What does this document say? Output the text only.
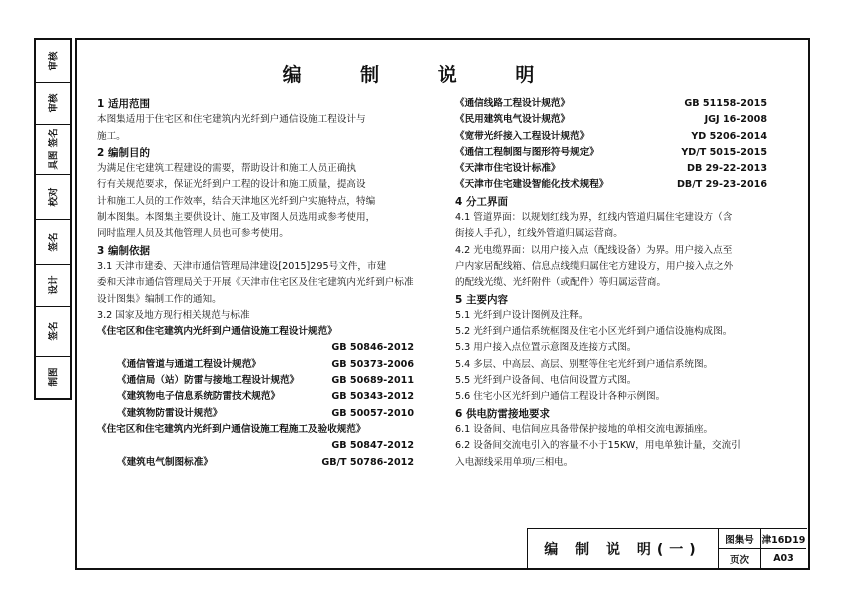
审核
审核
具图 签名
校对
签名
设计
签名
制图
编 制 说 明

1 适用范围

本图集适用于住宅区和住宅建筑内光纤到户通信设施工程设计与

施工。

2 编制目的

为满足住宅建筑工程建设的需要，帮助设计和施工人员正确执

行有关规范要求，保证光纤到户工程的设计和施工质量，提高设

计和施工人员的工作效率，结合天津地区光纤到户实施特点，特编

制本图集。本图集主要供设计、施工及审图人员选用或参考使用，

同时监理人员及其他管理人员也可参考使用。

3 编制依据

3.1 天津市建委、天津市通信管理局津建设[2015]295号文件，市建

委和天津市通信管理局关于开展《天津市住宅区及住宅建筑内光纤到户标准

设计图集》编制工作的通知。

3.2 国家及地方现行相关规范与标准

《住宅区和住宅建筑内光纤到户通信设施工程设计规范》

GB 50846-2012

《通信管道与通道工程设计规范》	GB 50373-2006

《通信局（站）防雷与接地工程设计规范》	GB 50689-2011

《建筑物电子信息系统防雷技术规范》	GB 50343-2012

《建筑物防雷设计规范》	GB 50057-2010

《住宅区和住宅建筑内光纤到户通信设施工程施工及验收规范》

GB 50847-2012

《建筑电气制图标准》	GB/T 50786-2012

《通信线路工程设计规范》	GB 51158-2015

《民用建筑电气设计规范》	JGJ 16-2008

《宽带光纤接入工程设计规范》	YD 5206-2014

《通信工程制图与图形符号规定》	YD/T 5015-2015

《天津市住宅设计标准》	DB 29-22-2013

《天津市住宅建设智能化技术规程》	DB/T 29-23-2016

4 分工界面

4.1 管道界面：以规划红线为界，红线内管道归属住宅建设方（含

街接人手孔），红线外管道归属运营商。

4.2 光电缆界面：以用户接入点（配线设备）为界。用户接入点至

户内家居配线箱、信息点线缆归属住宅方建设方，用户接入点之外

的配线光缆、光纤附件（或配件）等归属运营商。

5 主要内容

5.1 光纤到户设计图例及注释。

5.2 光纤到户通信系统框图及住宅小区光纤到户通信设施构成图。

5.3 用户接入点位置示意图及连接方式图。

5.4 多层、中高层、高层、别墅等住宅光纤到户通信系统图。

5.5 光纤到户设备间、电信间设置方式图。

5.6 住宅小区光纤到户通信工程设计各种示例图。

6 供电防雷接地要求

6.1 设备间、电信间应具备带保护接地的单相交流电源插座。

6.2 设备间交流电引入的容量不小于15KW，用电单独计量，交流引

入电源线采用单项/三相电。

编 制 说 明(一)
图集号 津16D19
页次	A03
